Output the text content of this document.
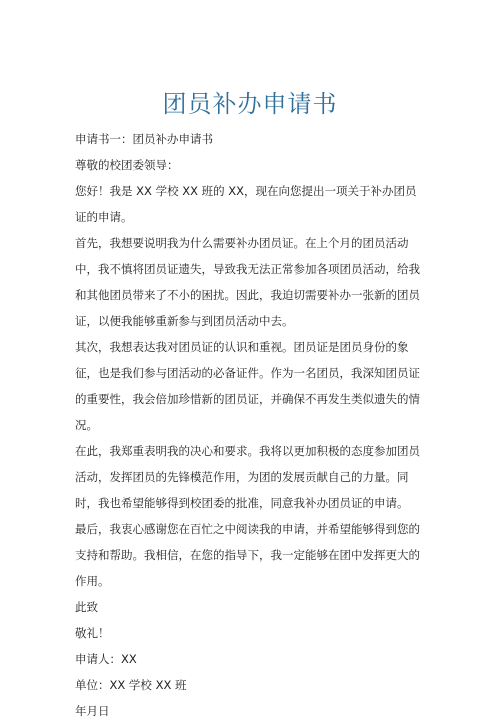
团员补办申请书

申请书一：团员补办申请书

尊敬的校团委领导：

您好！我是 XX 学校 XX 班的 XX，现在向您提出一项关于补办团员证的申请。

首先，我想要说明我为什么需要补办团员证。在上个月的团员活动中，我不慎将团员证遗失，导致我无法正常参加各项团员活动，给我和其他团员带来了不小的困扰。因此，我迫切需要补办一张新的团员证，以便我能够重新参与到团员活动中去。

其次，我想表达我对团员证的认识和重视。团员证是团员身份的象征，也是我们参与团活动的必备证件。作为一名团员，我深知团员证的重要性，我会倍加珍惜新的团员证，并确保不再发生类似遗失的情况。

在此，我郑重表明我的决心和要求。我将以更加积极的态度参加团员活动，发挥团员的先锋模范作用，为团的发展贡献自己的力量。同时，我也希望能够得到校团委的批准，同意我补办团员证的申请。

最后，我衷心感谢您在百忙之中阅读我的申请，并希望能够得到您的支持和帮助。我相信，在您的指导下，我一定能够在团中发挥更大的作用。

此致

敬礼！

申请人：XX

单位：XX 学校 XX 班

年月日
